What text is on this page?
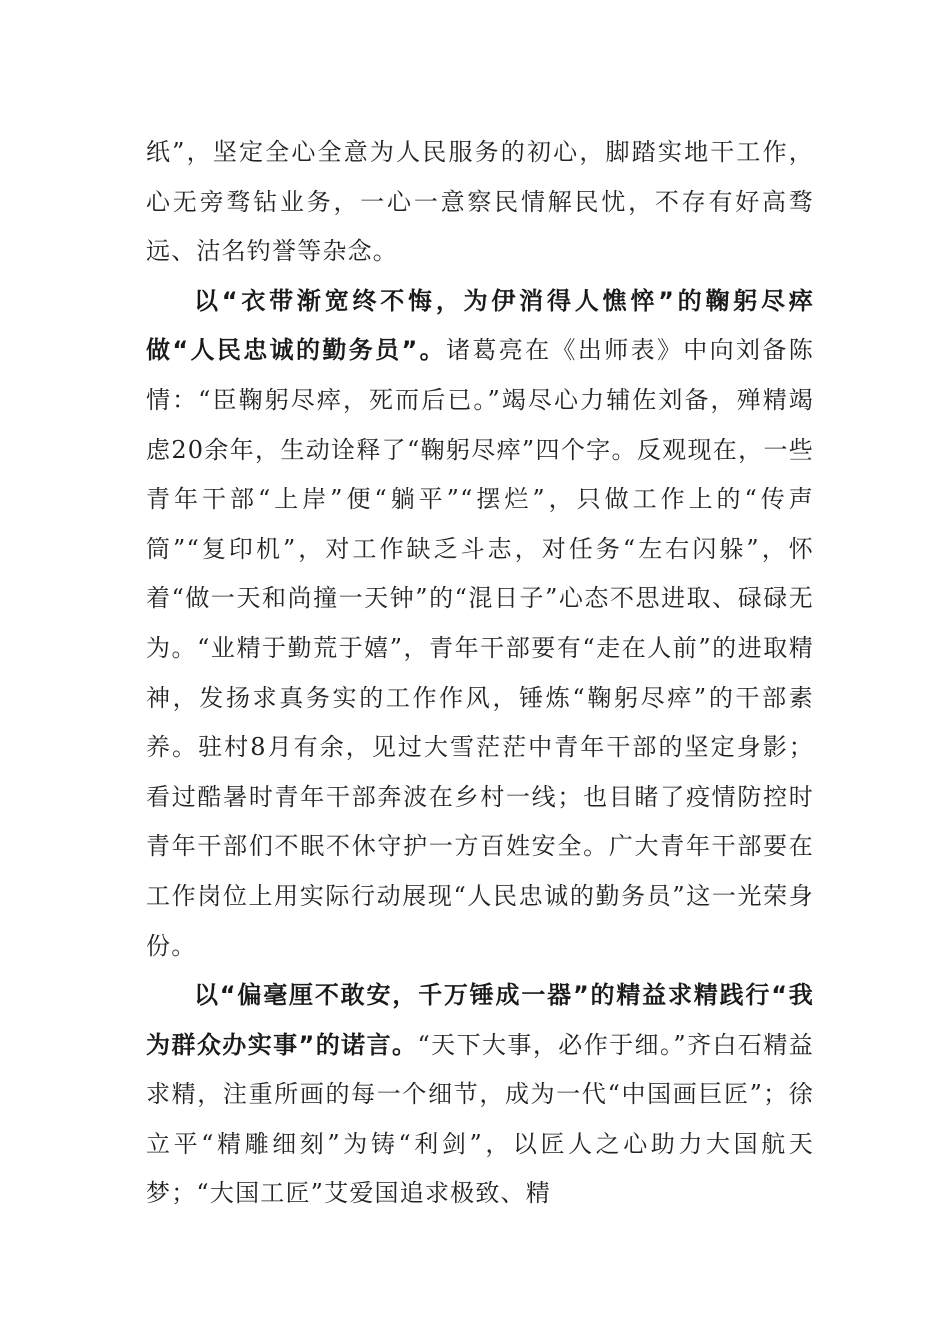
纸”，坚定全心全意为人民服务的初心，脚踏实地干工作，心无旁骛钻业务，一心一意察民情解民忧，不存有好高骛远、沽名钓誉等杂念。

以“衣带渐宽终不悔，为伊消得人憔悴”的鞠躬尽瘁做“人民忠诚的勤务员”。诸葛亮在《出师表》中向刘备陈情：“臣鞠躬尽瘁，死而后已。”竭尽心力辅佐刘备，殚精竭虑20余年，生动诠释了“鞠躬尽瘁”四个字。反观现在，一些青年干部“上岸”便“躺平”“摆烂”，只做工作上的“传声筒”“复印机”，对工作缺乏斗志，对任务“左右闪躲”，怀着“做一天和尚撞一天钟”的“混日子”心态不思进取、碌碌无为。“业精于勤荒于嬉”，青年干部要有“走在人前”的进取精神，发扬求真务实的工作作风，锤炼“鞠躬尽瘁”的干部素养。驻村8月有余，见过大雪茫茫中青年干部的坚定身影；看过酷暑时青年干部奔波在乡村一线；也目睹了疫情防控时青年干部们不眠不休守护一方百姓安全。广大青年干部要在工作岗位上用实际行动展现“人民忠诚的勤务员”这一光荣身份。

以“偏毫厘不敢安，千万锤成一器”的精益求精践行“我为群众办实事”的诺言。“天下大事，必作于细。”齐白石精益求精，注重所画的每一个细节，成为一代“中国画巨匠”；徐立平“精雕细刻”为铸“利剑”，以匠人之心助力大国航天梦；“大国工匠”艾爱国追求极致、精
